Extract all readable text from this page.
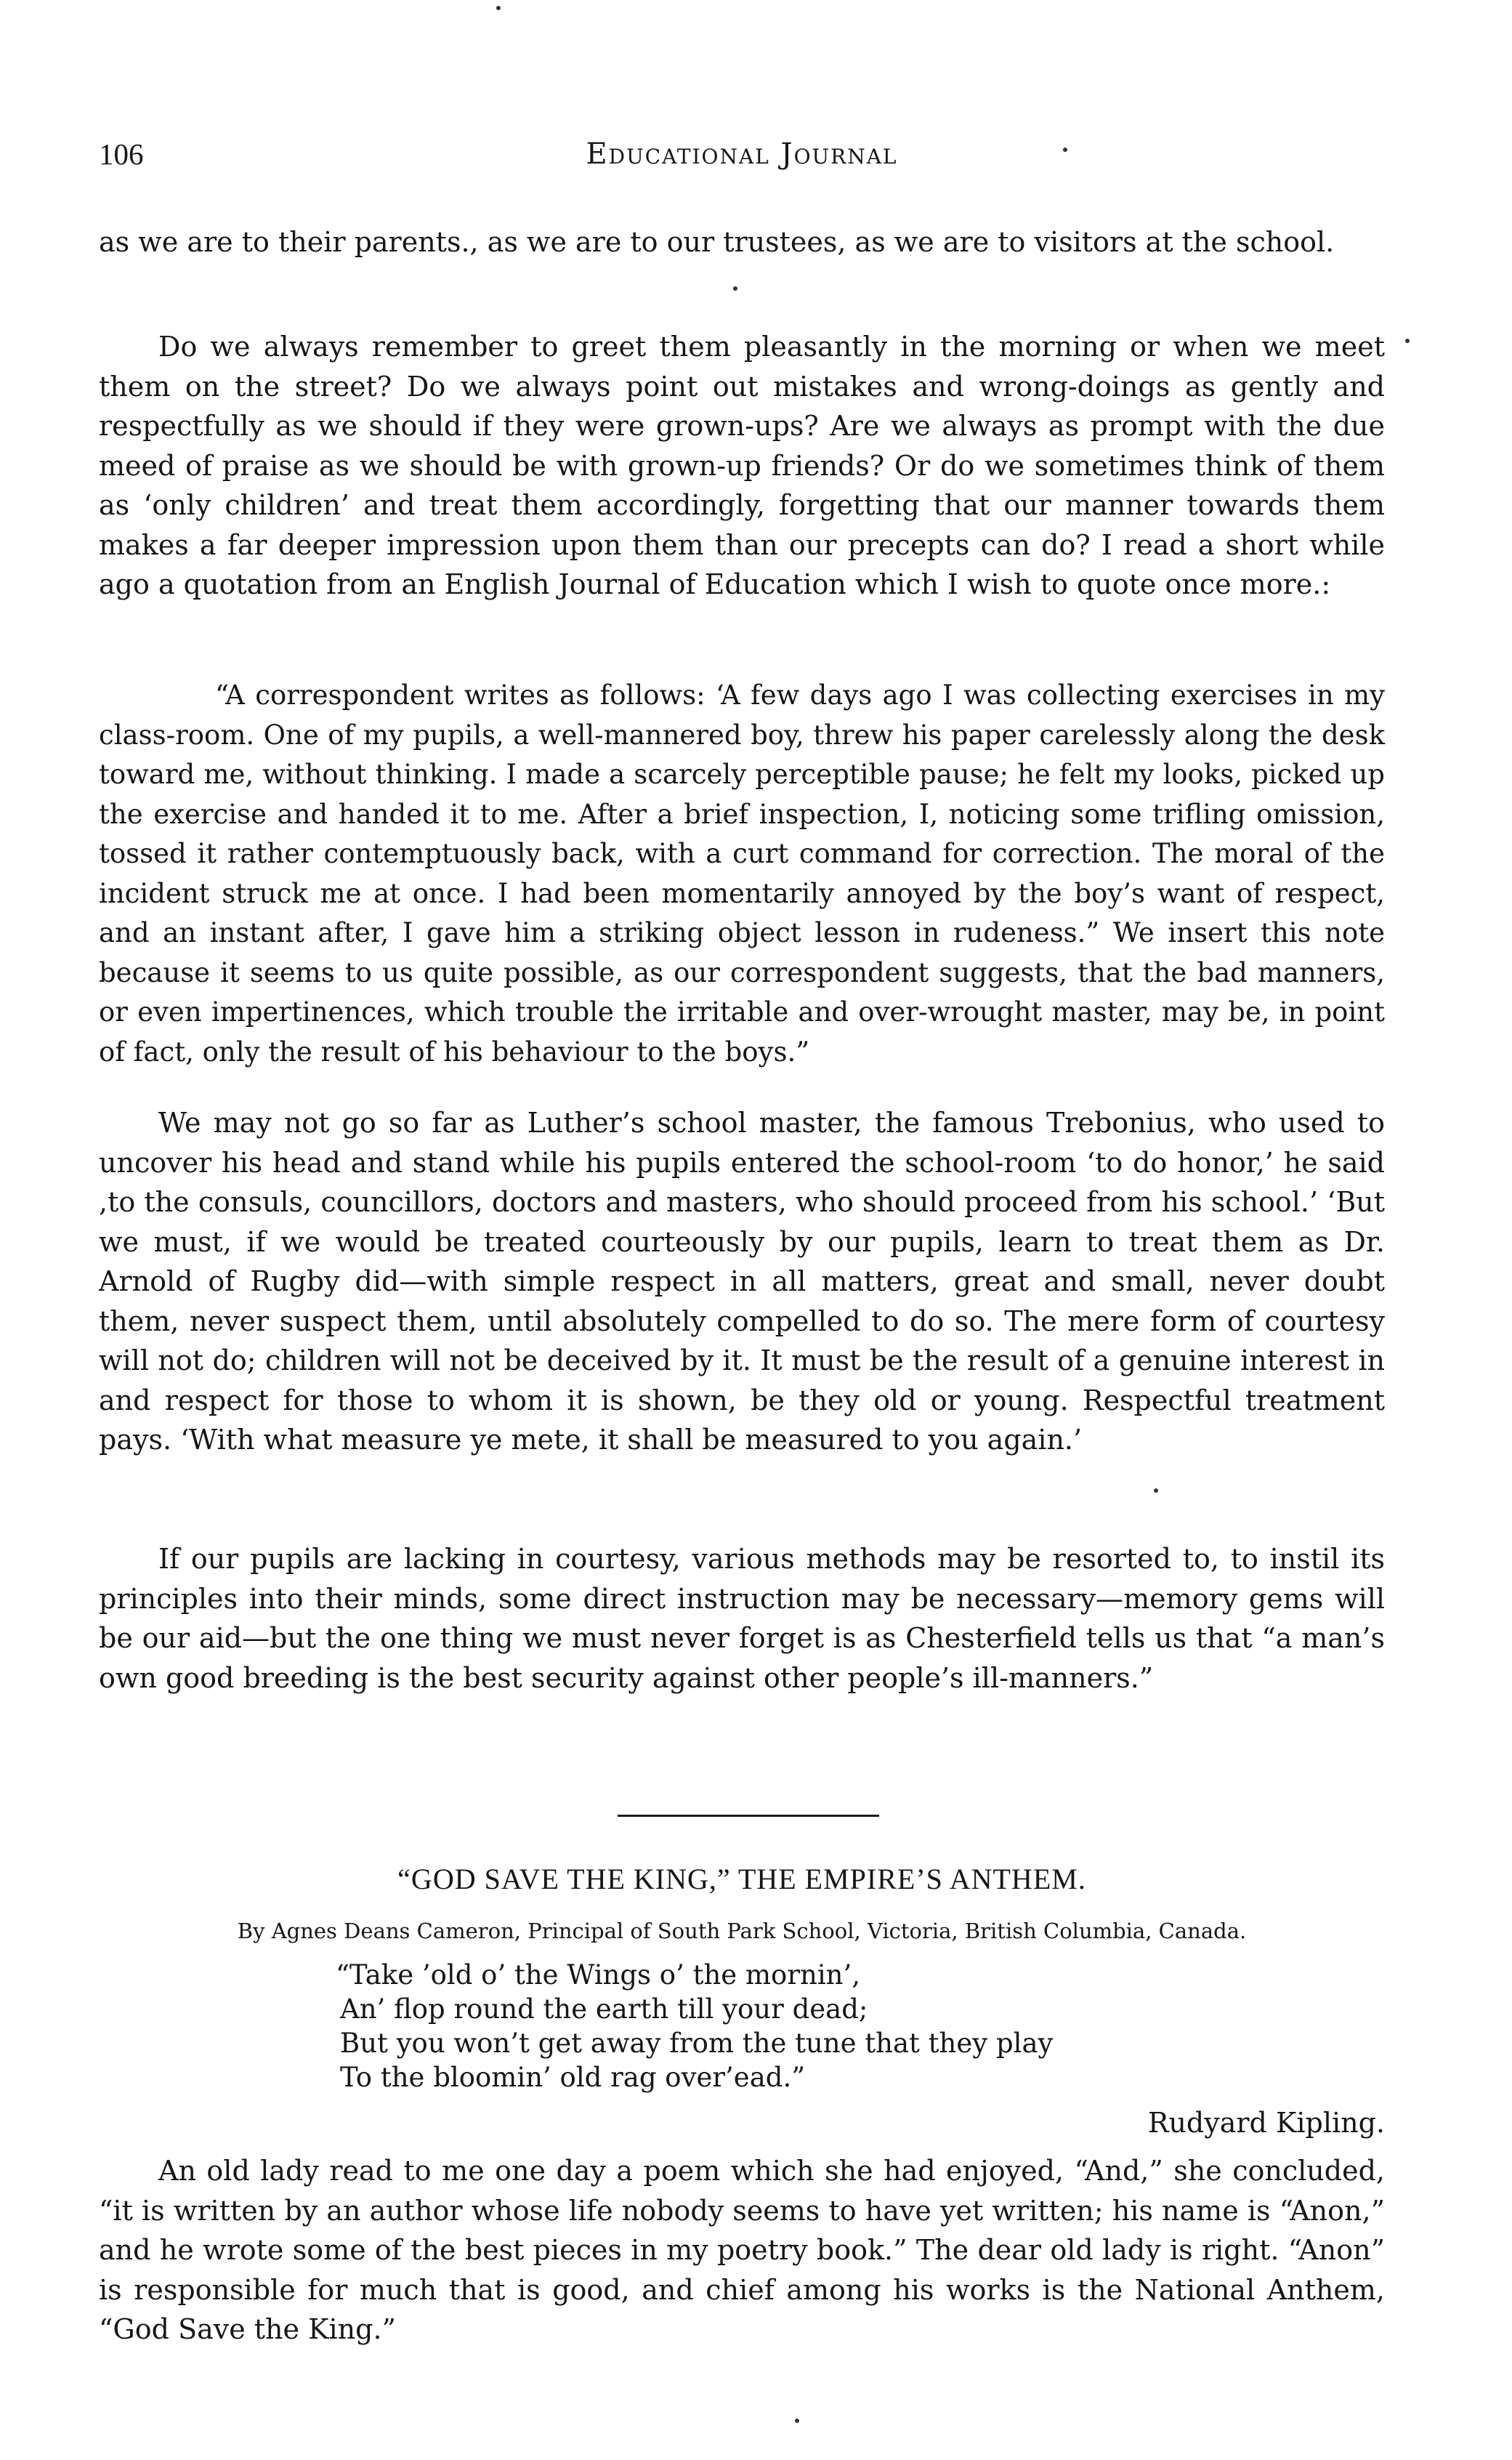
106	Educational Journal

as we are to their parents., as we are to our trustees, as we are to visitors at the school.

Do we always remember to greet them pleasantly in the morning or when we meet them on the street? Do we always point out mistakes and wrong-doings as gently and respectfully as we should if they were grown-ups? Are we always as prompt with the due meed of praise as we should be with grown-up friends? Or do we sometimes think of them as ‘only children’ and treat them accordingly, forgetting that our manner towards them makes a far deeper impression upon them than our precepts can do? I read a short while ago a quotation from an English Journal of Education which I wish to quote once more.:

“A correspondent writes as follows: ‘A few days ago I was collecting exercises in my class-room. One of my pupils, a well-mannered boy, threw his paper carelessly along the desk toward me, without thinking. I made a scarcely perceptible pause; he felt my looks, picked up the exercise and handed it to me. After a brief inspection, I, noticing some trifling omission, tossed it rather contemptuously back, with a curt command for correction. The moral of the incident struck me at once. I had been momentarily annoyed by the boy’s want of respect, and an instant after, I gave him a striking object lesson in rudeness.” We insert this note because it seems to us quite possible, as our correspondent suggests, that the bad manners, or even impertinences, which trouble the irritable and over-wrought master, may be, in point of fact, only the result of his behaviour to the boys.”

We may not go so far as Luther’s school master, the famous Trebonius, who used to uncover his head and stand while his pupils entered the school-room ‘to do honor,’ he said ,to the consuls, councillors, doctors and masters, who should proceed from his school.’ ‘But we must, if we would be treated courteously by our pupils, learn to treat them as Dr. Arnold of Rugby did—with simple respect in all matters, great and small, never doubt them, never suspect them, until absolutely compelled to do so. The mere form of courtesy will not do; children will not be deceived by it. It must be the result of a genuine interest in and respect for those to whom it is shown, be they old or young. Respectful treatment pays. ‘With what measure ye mete, it shall be measured to you again.’

If our pupils are lacking in courtesy, various methods may be resorted to, to instil its principles into their minds, some direct instruction may be necessary—memory gems will be our aid—but the one thing we must never forget is as Chesterfield tells us that “a man’s own good breeding is the best security against other people’s ill-manners.”

“GOD SAVE THE KING,” THE EMPIRE’S ANTHEM.
By Agnes Deans Cameron, Principal of South Park School, Victoria, British Columbia, Canada.
“Take ’old o’ the Wings o’ the mornin’,
An’ flop round the earth till your dead;
But you won’t get away from the tune that they play
To the bloomin’ old rag over’ead.”
Rudyard Kipling.

An old lady read to me one day a poem which she had enjoyed, “And,” she concluded, “it is written by an author whose life nobody seems to have yet written; his name is “Anon,” and he wrote some of the best pieces in my poetry book.” The dear old lady is right. “Anon” is responsible for much that is good, and chief among his works is the National Anthem, “God Save the King.”
